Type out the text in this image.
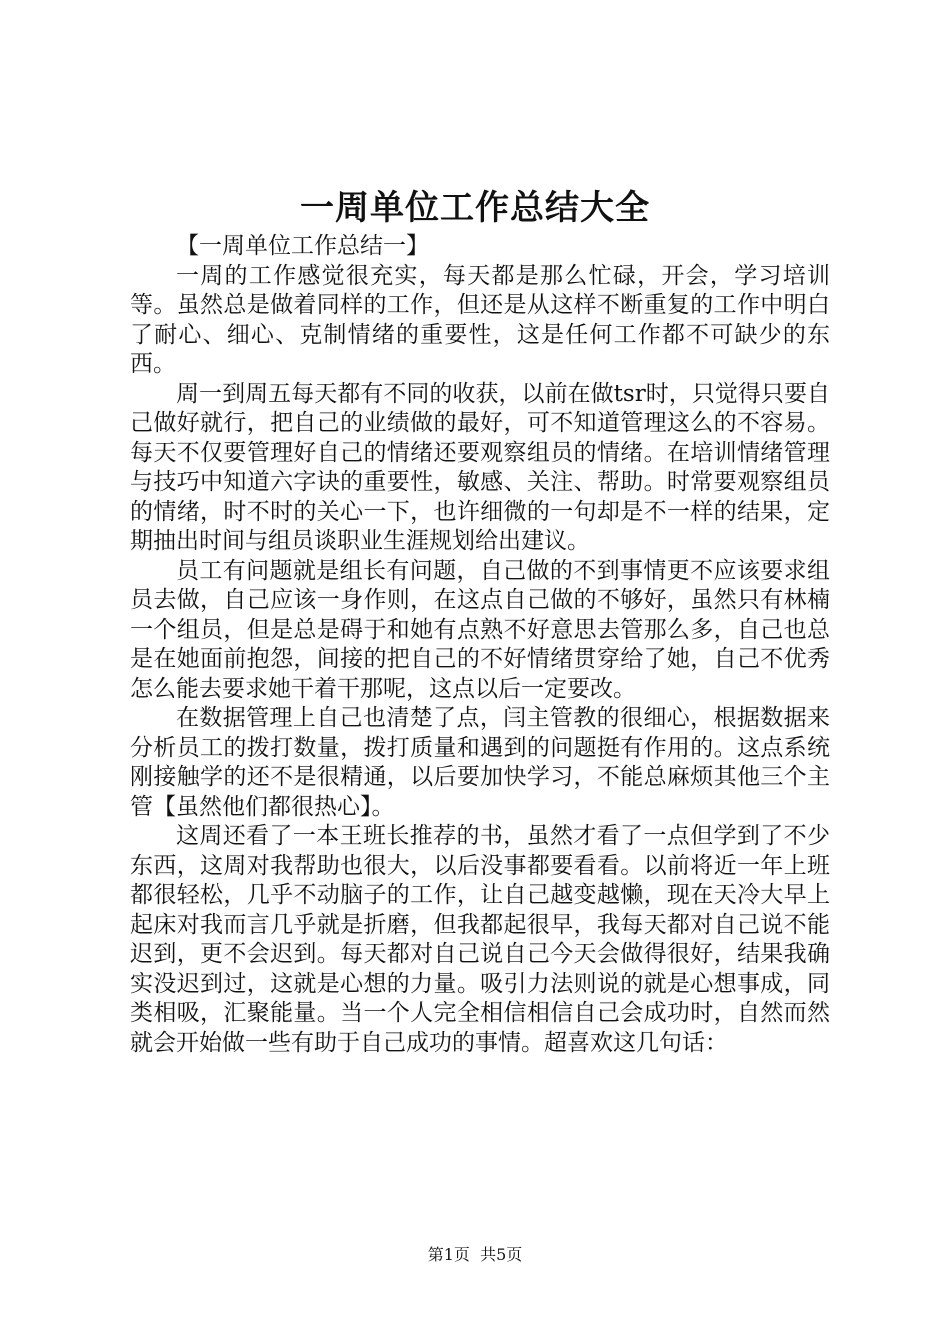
一周单位工作总结大全

【一周单位工作总结一】

一周的工作感觉很充实，每天都是那么忙碌，开会，学习培训等。虽然总是做着同样的工作，但还是从这样不断重复的工作中明白了耐心、细心、克制情绪的重要性，这是任何工作都不可缺少的东西。

周一到周五每天都有不同的收获，以前在做tsr时，只觉得只要自己做好就行，把自己的业绩做的最好，可不知道管理这么的不容易。每天不仅要管理好自己的情绪还要观察组员的情绪。在培训情绪管理与技巧中知道六字诀的重要性，敏感、关注、帮助。时常要观察组员的情绪，时不时的关心一下，也许细微的一句却是不一样的结果，定期抽出时间与组员谈职业生涯规划给出建议。

员工有问题就是组长有问题，自己做的不到事情更不应该要求组员去做，自己应该一身作则，在这点自己做的不够好，虽然只有林楠一个组员，但是总是碍于和她有点熟不好意思去管那么多，自己也总是在她面前抱怨，间接的把自己的不好情绪贯穿给了她，自己不优秀怎么能去要求她干着干那呢，这点以后一定要改。

在数据管理上自己也清楚了点，闫主管教的很细心，根据数据来分析员工的拨打数量，拨打质量和遇到的问题挺有作用的。这点系统刚接触学的还不是很精通，以后要加快学习，不能总麻烦其他三个主管【虽然他们都很热心】。

这周还看了一本王班长推荐的书，虽然才看了一点但学到了不少东西，这周对我帮助也很大，以后没事都要看看。以前将近一年上班都很轻松，几乎不动脑子的工作，让自己越变越懒，现在天冷大早上起床对我而言几乎就是折磨，但我都起很早，我每天都对自己说不能迟到，更不会迟到。每天都对自己说自己今天会做得很好，结果我确实没迟到过，这就是心想的力量。吸引力法则说的就是心想事成，同类相吸，汇聚能量。当一个人完全相信相信自己会成功时，自然而然就会开始做一些有助于自己成功的事情。超喜欢这几句话：

第1页 共5页
